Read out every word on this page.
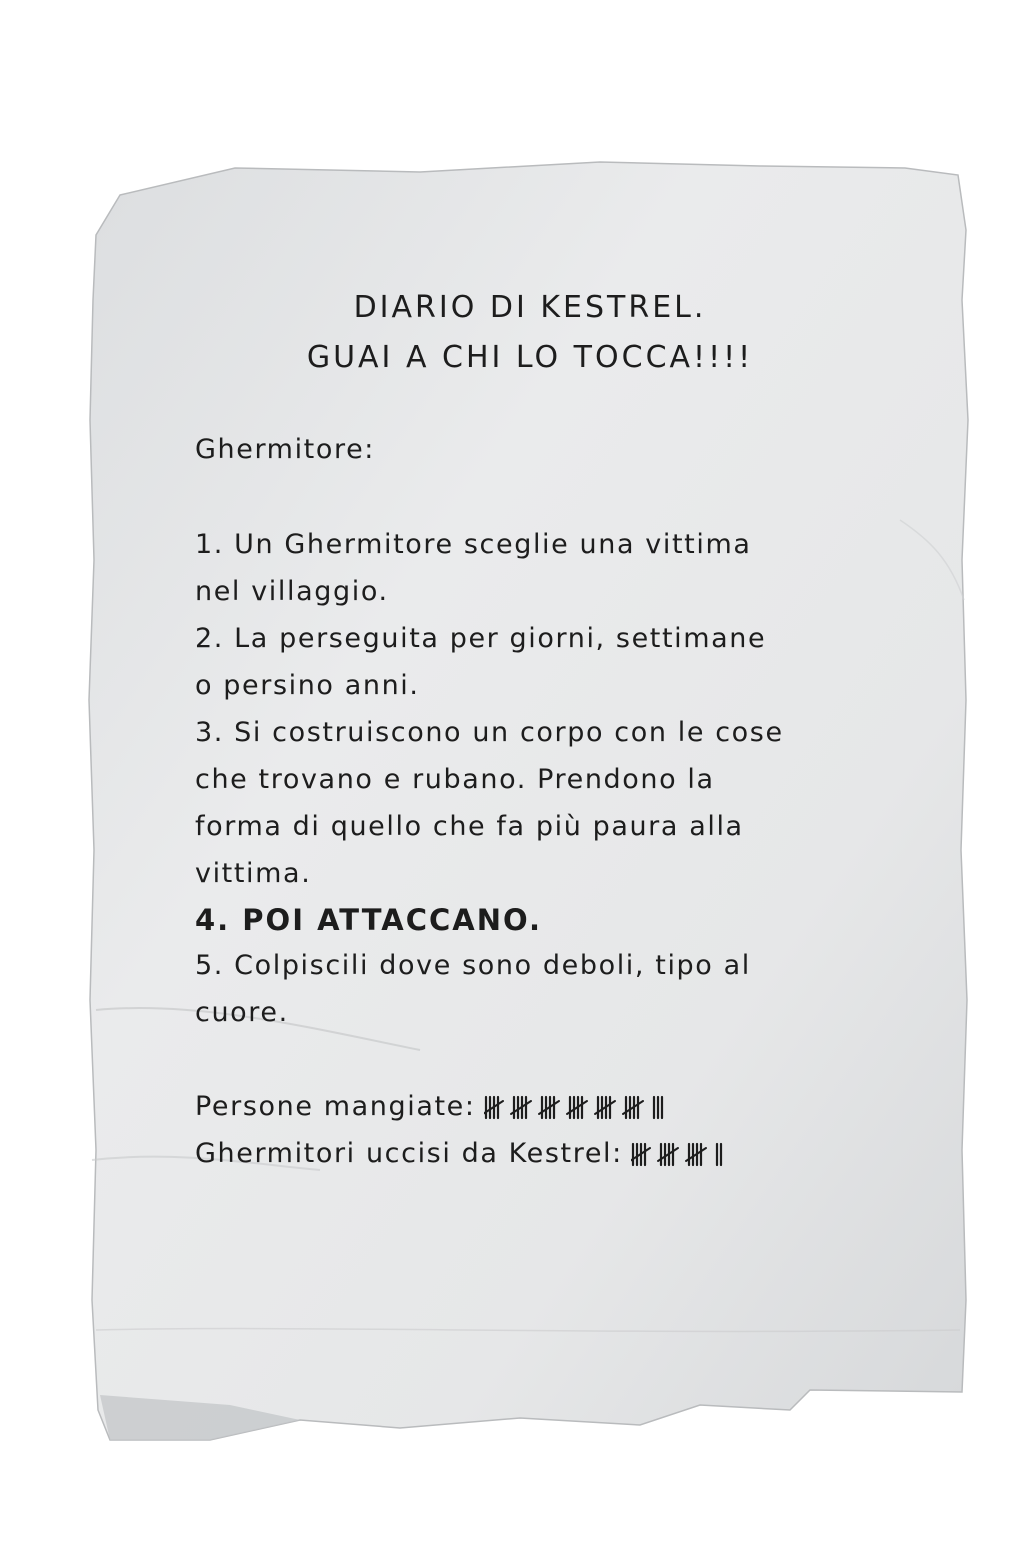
DIARIO DI KESTREL.
GUAI A CHI LO TOCCA!!!!

Ghermitore:

1. Un Ghermitore sceglie una vittima

nel villaggio.

2. La perseguita per giorni, settimane

o persino anni.

3. Si costruiscono un corpo con le cose

che trovano e rubano. Prendono la

forma di quello che fa più paura alla

vittima.

4. POI ATTACCANO.

5. Colpiscili dove sono deboli, tipo al

cuore.

Persone mangiate:

Ghermitori uccisi da Kestrel:
